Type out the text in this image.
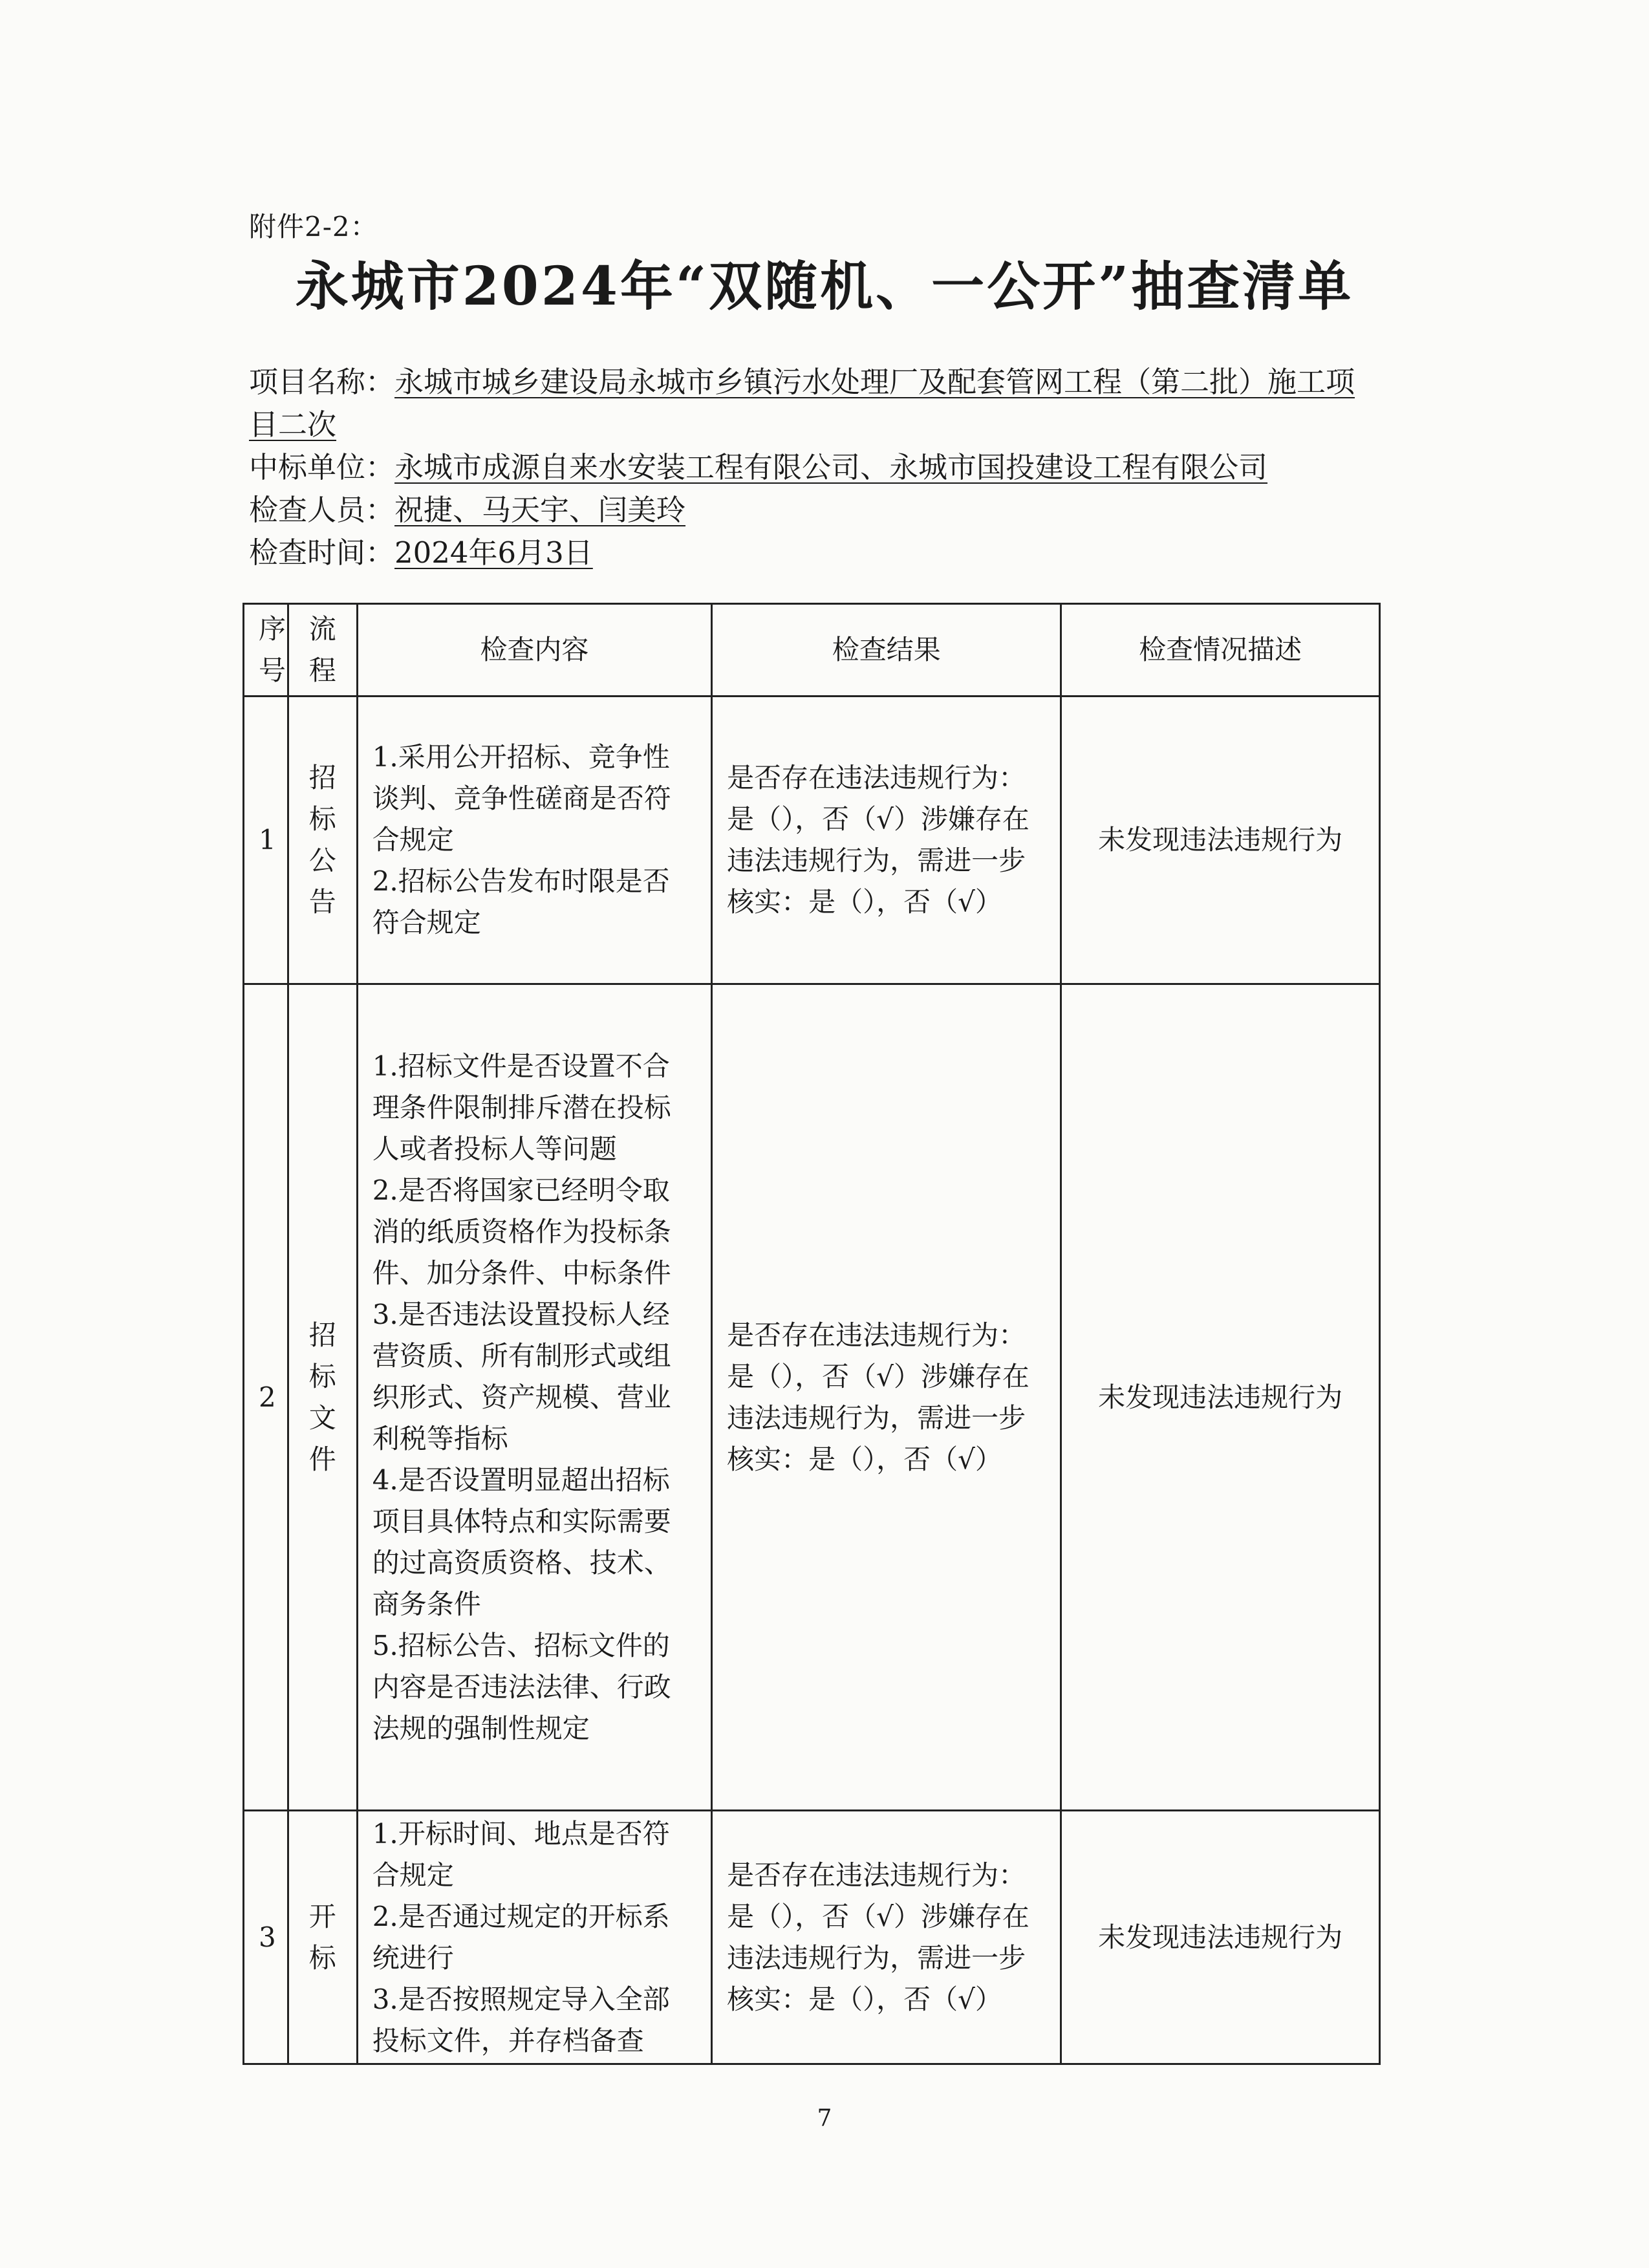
附件2-2：
永城市2024年“双随机、一公开”抽查清单
项目名称：永城市城乡建设局永城市乡镇污水处理厂及配套管网工程（第二批）施工项目二次
中标单位：永城市成源自来水安装工程有限公司、永城市国投建设工程有限公司
检查人员：祝捷、马天宇、闫美玲
检查时间：2024年6月3日
序号	流程	检查内容	检查结果	检查情况描述
1	招标公告	1.采用公开招标、竞争性谈判、竞争性磋商是否符合规定
2.招标公告发布时限是否符合规定	是否存在违法违规行为：是（），否（√）涉嫌存在违法违规行为，需进一步核实：是（），否（√）	未发现违法违规行为
2	招标文件	1.招标文件是否设置不合理条件限制排斥潜在投标人或者投标人等问题
2.是否将国家已经明令取消的纸质资格作为投标条件、加分条件、中标条件
3.是否违法设置投标人经营资质、所有制形式或组织形式、资产规模、营业利税等指标
4.是否设置明显超出招标项目具体特点和实际需要的过高资质资格、技术、商务条件
5.招标公告、招标文件的内容是否违法法律、行政法规的强制性规定	是否存在违法违规行为：是（），否（√）涉嫌存在违法违规行为，需进一步核实：是（），否（√）	未发现违法违规行为
3	开标	1.开标时间、地点是否符合规定
2.是否通过规定的开标系统进行
3.是否按照规定导入全部投标文件，并存档备查	是否存在违法违规行为：是（），否（√）涉嫌存在违法违规行为，需进一步核实：是（），否（√）	未发现违法违规行为
7
